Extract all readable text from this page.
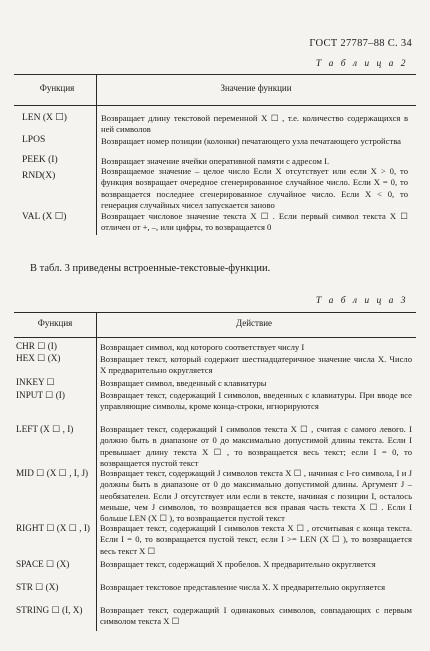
ГОСТ 27787–88 С. 34
Т а б л и ц а 2
Функция	Значение функции
LEN (X ☐)	Возвращает длину текстовой переменной X ☐ , т.е. количество содержащихся в ней символов
LPOS	Возвращает номер позиции (колонки) печатающего узла печатающего устройства
PEEK (I)	Возвращает значение ячейки оперативной памяти с адресом I.
RND(X)	Возвращаемое значение – целое число Если X отсутствует или если X > 0, то функция возвращает очередное сгенерированное случайное число. Если X = 0, то возвращается последнее сгенерированное случайное число. Если X < 0, то генерация случайных чисел запускается заново
VAL (X ☐)	Возвращает числовое значение текста X ☐ . Если первый символ текста X ☐ отличен от +, –, или цифры, то возвращается 0
В табл. 3 приведены встроенные-текстовые-функции.
Т а б л и ц а 3
Функция	Действие
CHR ☐ (I)	Возвращает символ, код которого соответствует числу I
HEX ☐ (X)	Возвращает текст, который содержит шестнадцатеричное значение числа X. Число X предварительно округляется
INKEY ☐	Возвращает символ, введенный с клавиатуры
INPUT ☐ (I)	Возвращает текст, содержащий I символов, введенных с клавиатуры. При вводе все управляющие символы, кроме конца-строки, игнорируются
LEFT (X ☐ , I)	Возвращает текст, содержащий I символов текста X ☐ , считая с самого левого. I должно быть в диапазоне от 0 до максимально допустимой длины текста. Если I превышает длину текста X ☐ , то возвращается весь текст; если I = 0, то возвращается пустой текст
MID ☐ (X ☐ , I, J) Возвращает текст, содержащий J символов текста X ☐ , начиная с I-го символа, I и J должны быть в диапазоне от 0 до максимально допустимой длины. Аргумент J – необязателен. Если J отсутствует или если в тексте, начиная с позиции I, осталось меньше, чем J символов, то возвращается вся правая часть текста X ☐ . Если I больше LEN (X ☐ ), то возвращается пустой текст
RIGHT ☐ (X ☐ , I) Возвращает текст, содержащий I символов текста X ☐ , отсчитывая с конца текста. Если I = 0, то возвращается пустой текст, если I >= LEN (X ☐ ), то возвращается весь текст X ☐
SPACE ☐ (X)	Возвращает текст, содержащий X пробелов. X предварительно округляется
STR ☐ (X)	Возвращает текстовое представление числа X. X предварительно округляется
STRING ☐ (I, X) Возвращает текст, содержащий I одинаковых символов, совпадающих с первым символом текста X ☐
